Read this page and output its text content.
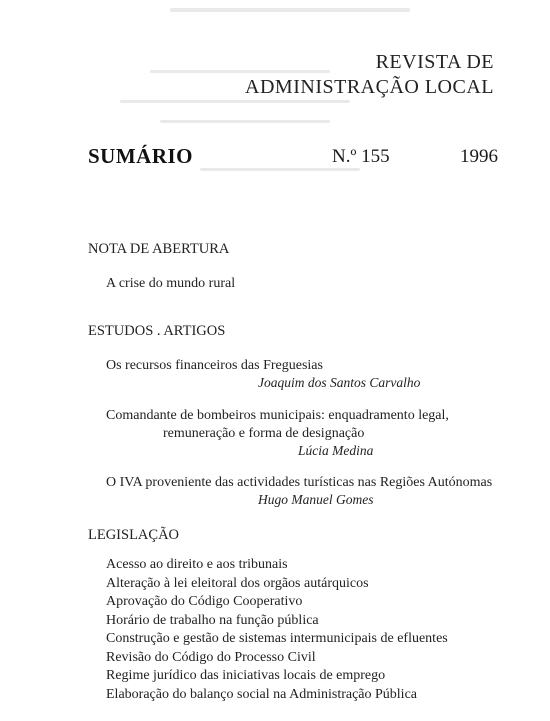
REVISTA DE
ADMINISTRAÇÃO LOCAL
SUMÁRIO	N.º 155	1996
NOTA DE ABERTURA
A crise do mundo rural
ESTUDOS . ARTIGOS
Os recursos financeiros das Freguesias
Joaquim dos Santos Carvalho
Comandante de bombeiros municipais: enquadramento legal,
remuneração e forma de designação
Lúcia Medina
O IVA proveniente das actividades turísticas nas Regiões Autónomas
Hugo Manuel Gomes
LEGISLAÇÃO
Acesso ao direito e aos tribunais
Alteração à lei eleitoral dos orgãos autárquicos
Aprovação do Código Cooperativo
Horário de trabalho na função pública
Construção e gestão de sistemas intermunicipais de efluentes
Revisão do Código do Processo Civil
Regime jurídico das iniciativas locais de emprego
Elaboração do balanço social na Administração Pública
